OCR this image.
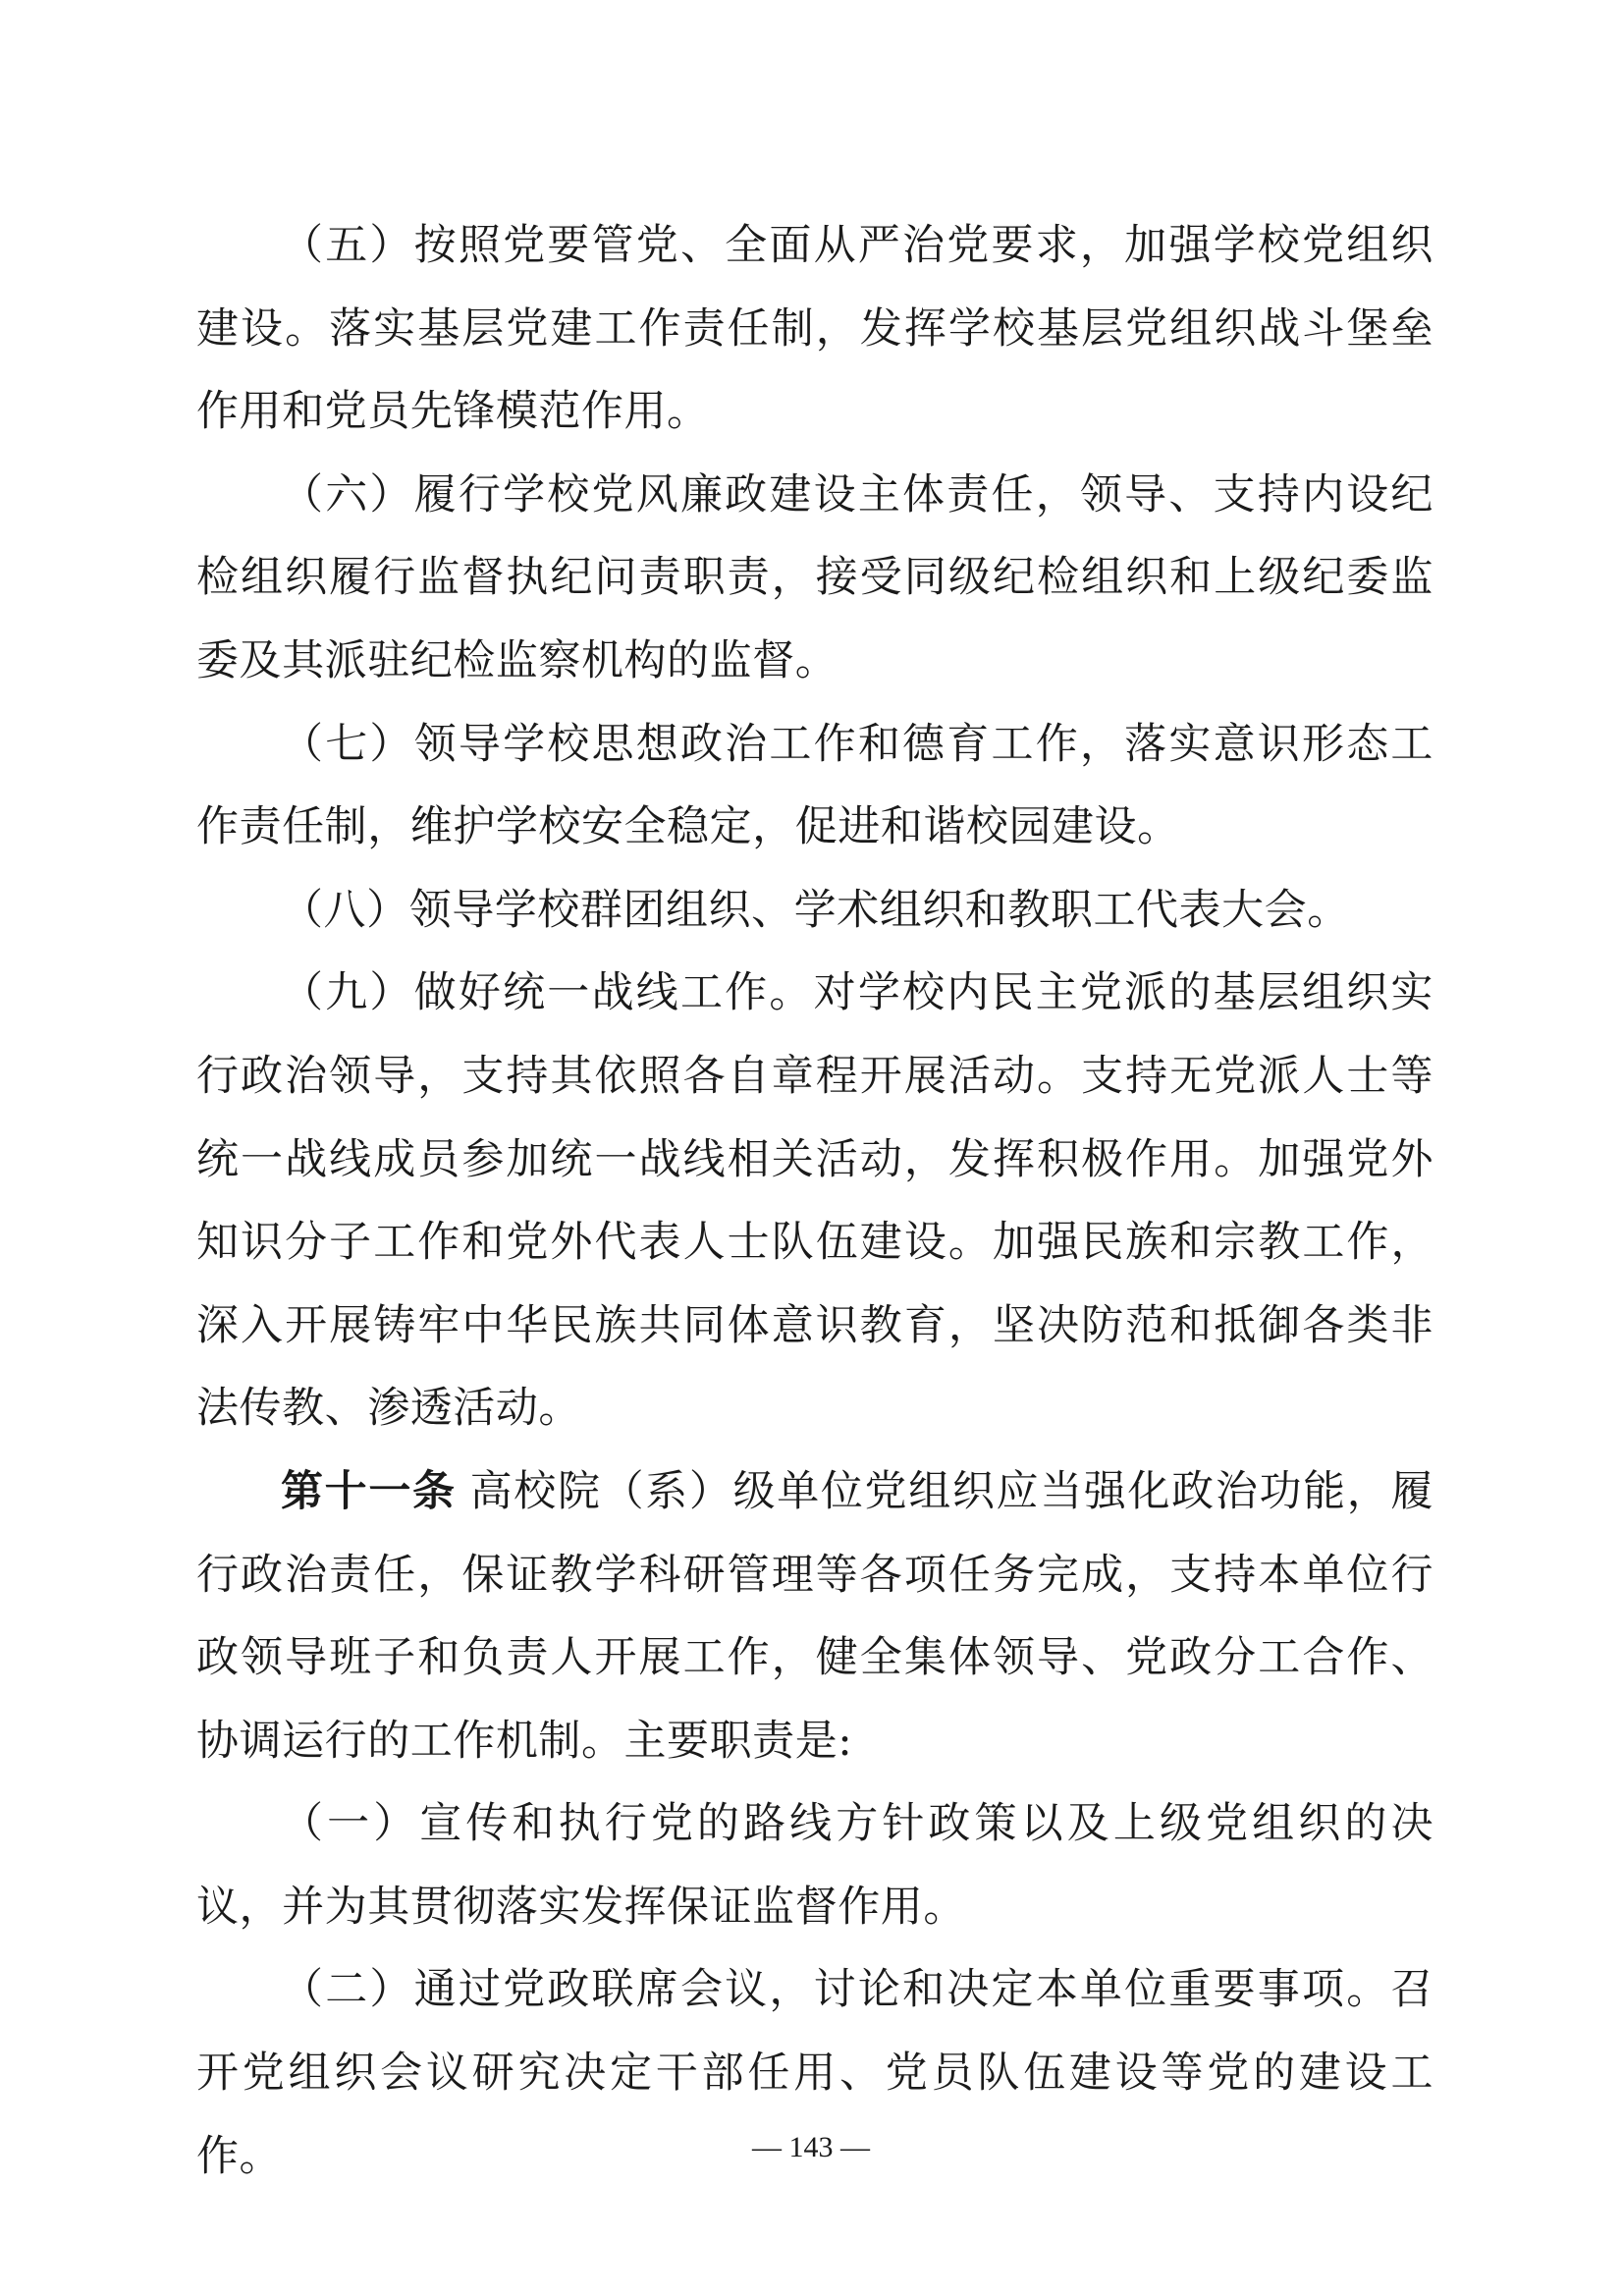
（五）按照党要管党、全面从严治党要求，加强学校党组织建设。落实基层党建工作责任制，发挥学校基层党组织战斗堡垒作用和党员先锋模范作用。

（六）履行学校党风廉政建设主体责任，领导、支持内设纪检组织履行监督执纪问责职责，接受同级纪检组织和上级纪委监委及其派驻纪检监察机构的监督。

（七）领导学校思想政治工作和德育工作，落实意识形态工作责任制，维护学校安全稳定，促进和谐校园建设。

（八）领导学校群团组织、学术组织和教职工代表大会。

（九）做好统一战线工作。对学校内民主党派的基层组织实行政治领导，支持其依照各自章程开展活动。支持无党派人士等统一战线成员参加统一战线相关活动，发挥积极作用。加强党外知识分子工作和党外代表人士队伍建设。加强民族和宗教工作，深入开展铸牢中华民族共同体意识教育，坚决防范和抵御各类非法传教、渗透活动。

第十一条 高校院（系）级单位党组织应当强化政治功能，履行政治责任，保证教学科研管理等各项任务完成，支持本单位行政领导班子和负责人开展工作，健全集体领导、党政分工合作、协调运行的工作机制。主要职责是:

（一）宣传和执行党的路线方针政策以及上级党组织的决议，并为其贯彻落实发挥保证监督作用。

（二）通过党政联席会议，讨论和决定本单位重要事项。召开党组织会议研究决定干部任用、党员队伍建设等党的建设工作。	— 143 —
